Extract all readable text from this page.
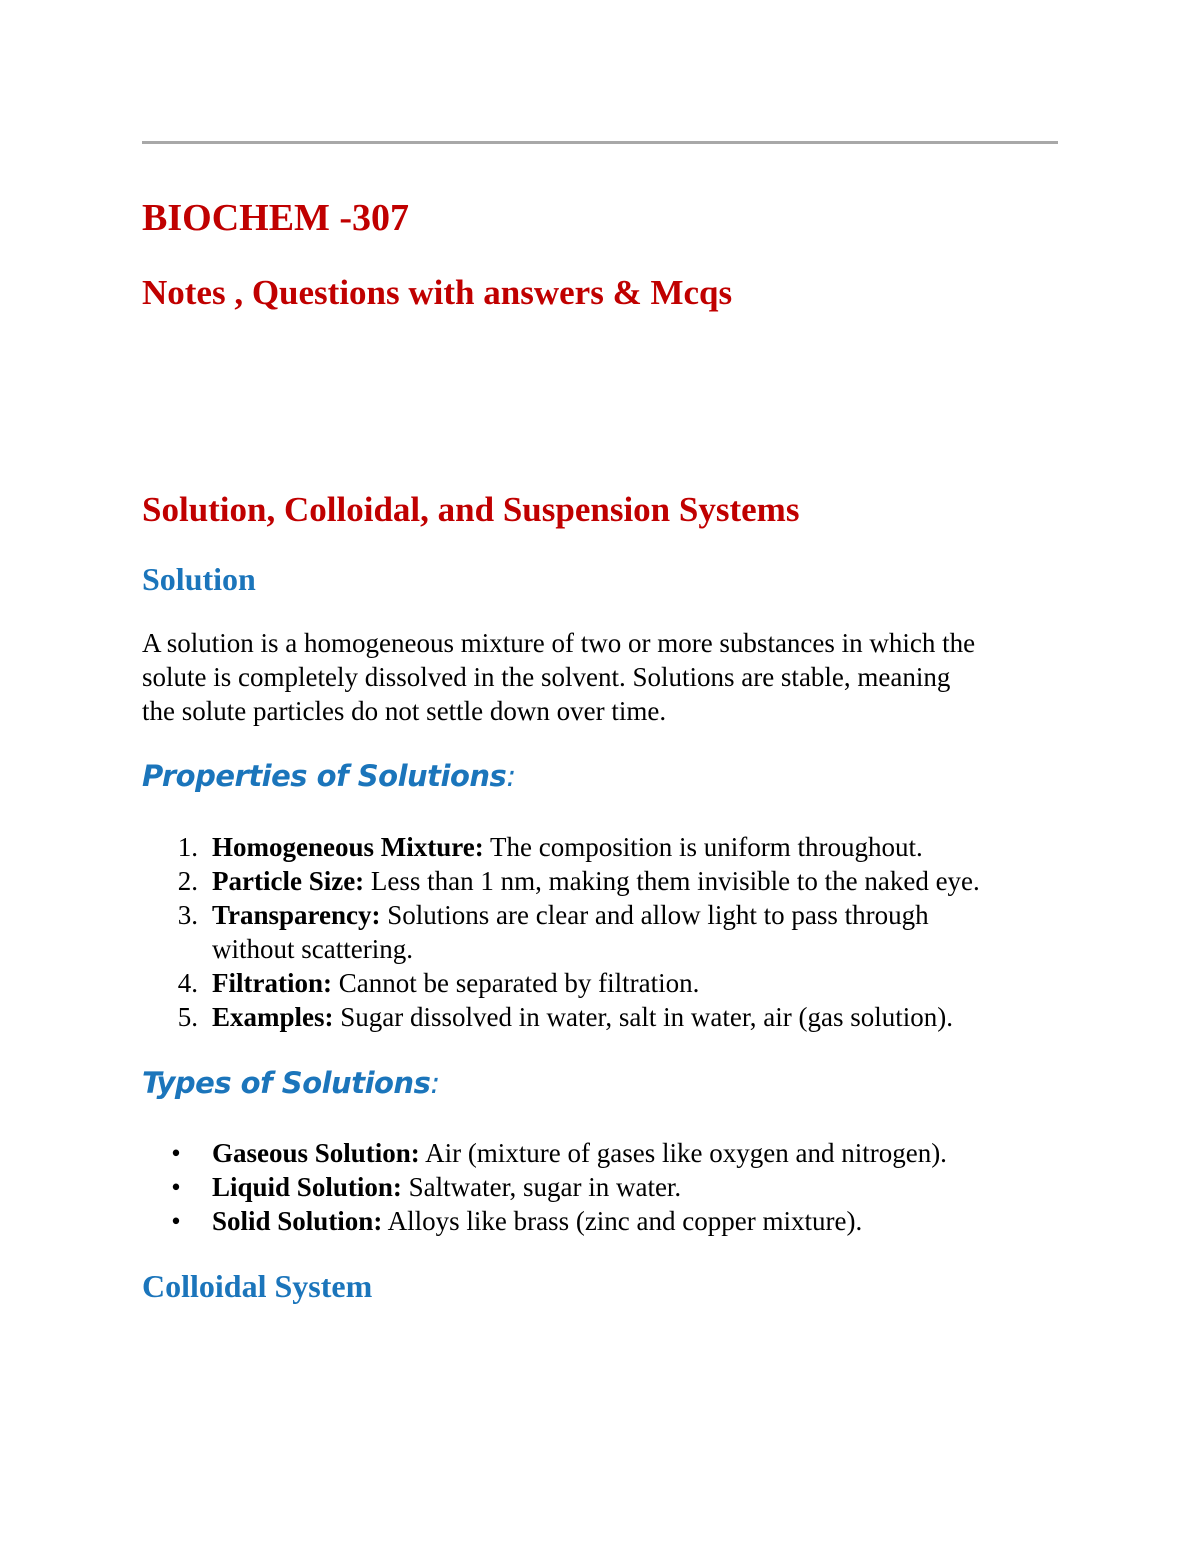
BIOCHEM -307
Notes , Questions with answers & Mcqs
Solution, Colloidal, and Suspension Systems
Solution
A solution is a homogeneous mixture of two or more substances in which the
solute is completely dissolved in the solvent. Solutions are stable, meaning
the solute particles do not settle down over time.
Properties of Solutions:
1. Homogeneous Mixture: The composition is uniform throughout.
2. Particle Size: Less than 1 nm, making them invisible to the naked eye.
3. Transparency: Solutions are clear and allow light to pass through
without scattering.
4. Filtration: Cannot be separated by filtration.
5. Examples: Sugar dissolved in water, salt in water, air (gas solution).
Types of Solutions:
• Gaseous Solution: Air (mixture of gases like oxygen and nitrogen).
• Liquid Solution: Saltwater, sugar in water.
• Solid Solution: Alloys like brass (zinc and copper mixture).
Colloidal System
